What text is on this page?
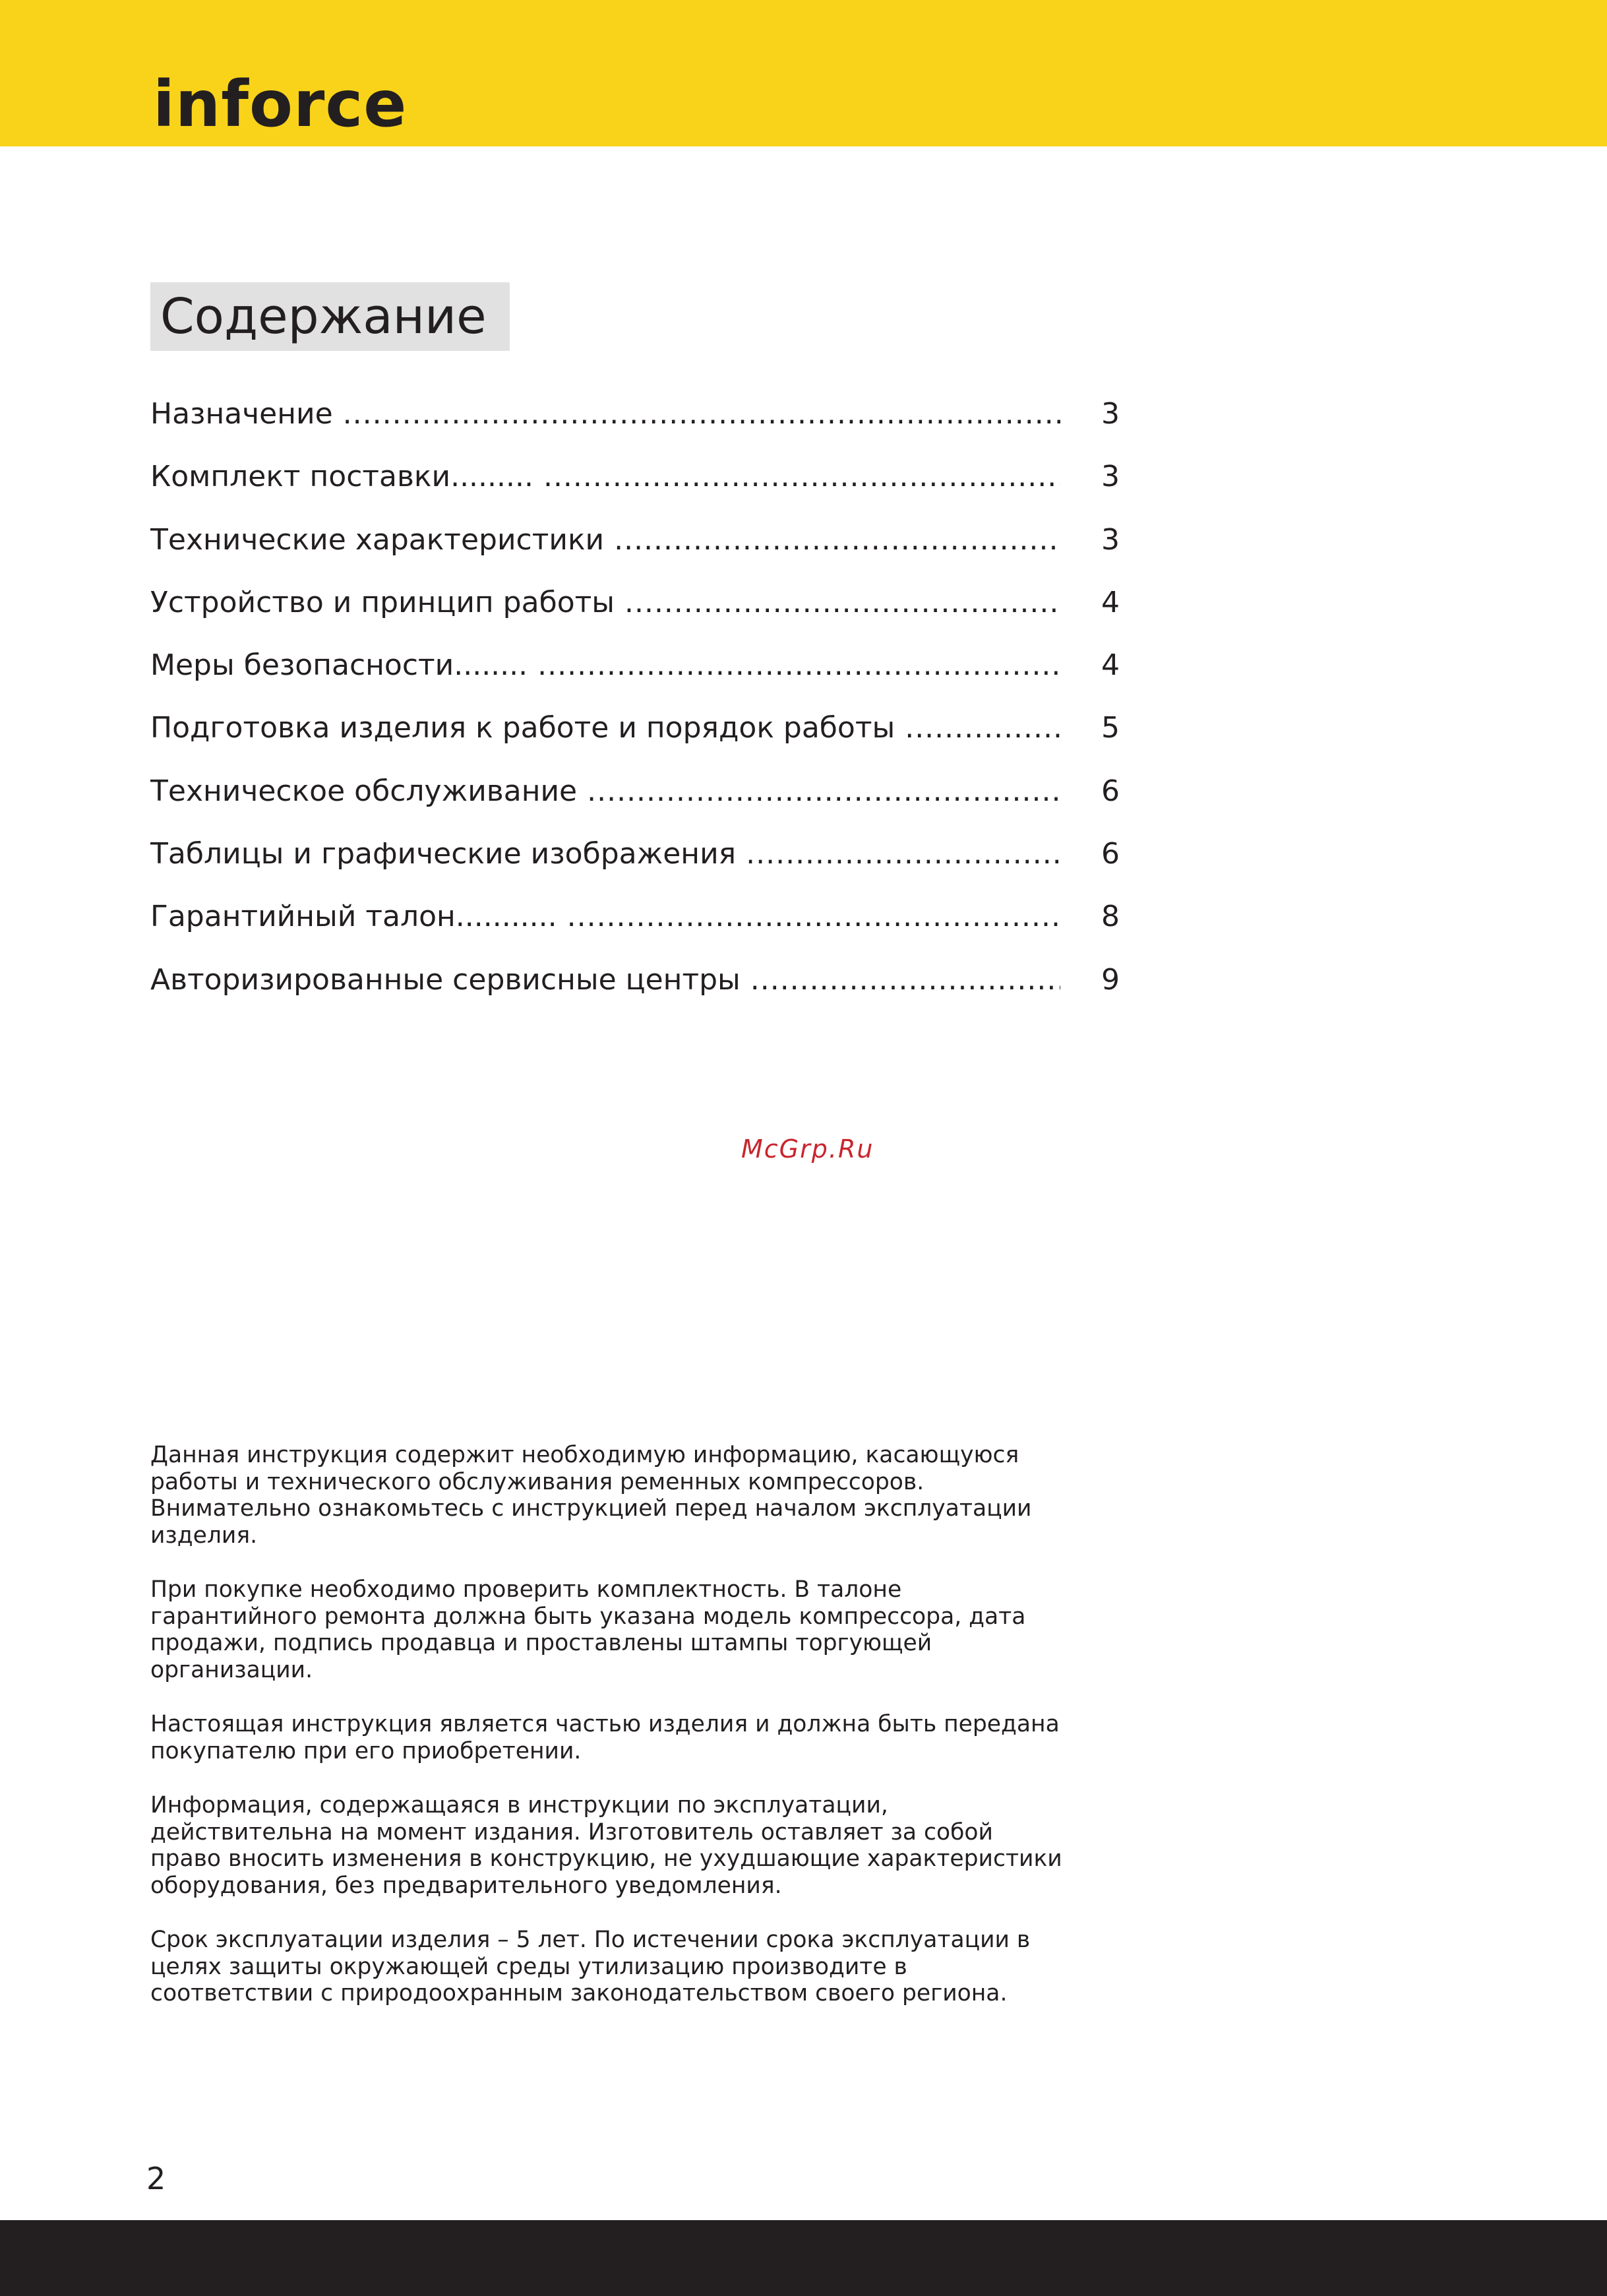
inforce
Содержание
Назначение .....	3
Комплект поставки......... .....	3
Технические характеристики .....	3
Устройство и принцип работы .....	4
Меры безопасности........ .....	4
Подготовка изделия к работе и порядок работы .....	5
Техническое обслуживание .....	6
Таблицы и графические изображения .....	6
Гарантийный талон........... .....	8
Авторизированные сервисные центры .....	9
McGrp.Ru

Данная инструкция содержит необходимую информацию, касающуюся работы и технического обслуживания ременных компрессоров. Внимательно ознакомьтесь с инструкцией перед началом эксплуатации изделия.

При покупке необходимо проверить комплектность. В талоне гарантийного ремонта должна быть указана модель компрессора, дата продажи, подпись продавца и проставлены штампы торгующей организации.

Настоящая инструкция является частью изделия и должна быть передана покупателю при его приобретении.

Информация, содержащаяся в инструкции по эксплуатации, действительна на момент издания. Изготовитель оставляет за собой право вносить изменения в конструкцию, не ухудшающие характеристики оборудования, без предварительного уведомления.

Срок эксплуатации изделия – 5 лет. По истечении срока эксплуатации в целях защиты окружающей среды утилизацию производите в соответствии с природоохранным законодательством своего региона.

2
